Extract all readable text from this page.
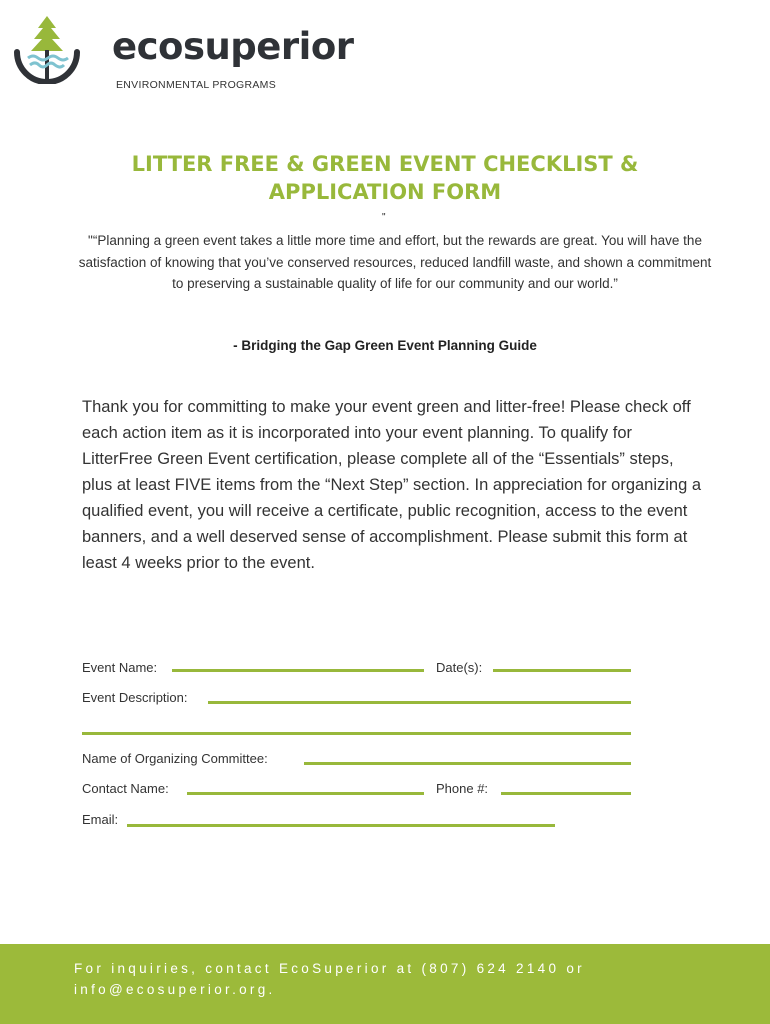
ecosuperior
ENVIRONMENTAL PROGRAMS
LITTER FREE & GREEN EVENT CHECKLIST & APPLICATION FORM
"
"“Planning a green event takes a little more time and effort, but the rewards are great. You will have the satisfaction of knowing that you’ve conserved resources, reduced landfill waste, and shown a commitment to preserving a sustainable quality of life for our community and our world.”
- Bridging the Gap Green Event Planning Guide
Thank you for committing to make your event green and litter-free! Please check off each action item as it is incorporated into your event planning. To qualify for LitterFree Green Event certification, please complete all of the “Essentials” steps, plus at least FIVE items from the “Next Step” section. In appreciation for organizing a qualified event, you will receive a certificate, public recognition, access to the event banners, and a well deserved sense of accomplishment. Please submit this form at least 4 weeks prior to the event.
Event Name:	Date(s):
Event Description:
Name of Organizing Committee:
Contact Name:	Phone #:
Email:
For inquiries, contact EcoSuperior at (807) 624 2140 or info@ecosuperior.org.
